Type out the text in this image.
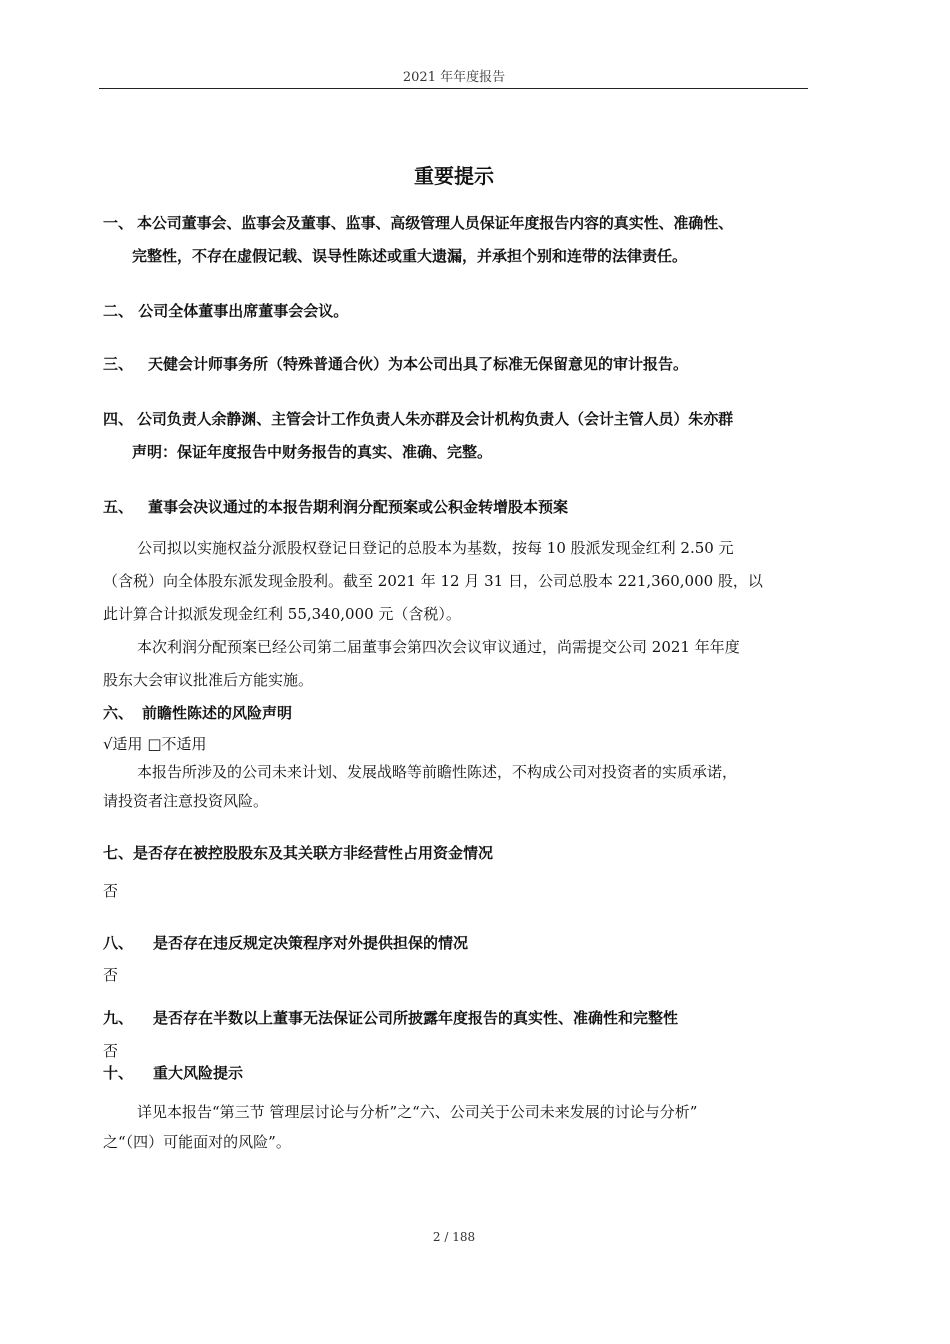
2021 年年度报告
重要提示
一、 本公司董事会、监事会及董事、监事、高级管理人员保证年度报告内容的真实性、准确性、
完整性，不存在虚假记载、误导性陈述或重大遗漏，并承担个别和连带的法律责任。
二、 公司全体董事出席董事会会议。
三、 天健会计师事务所（特殊普通合伙）为本公司出具了标准无保留意见的审计报告。
四、 公司负责人余静渊、主管会计工作负责人朱亦群及会计机构负责人（会计主管人员）朱亦群
声明：保证年度报告中财务报告的真实、准确、完整。
五、 董事会决议通过的本报告期利润分配预案或公积金转增股本预案
公司拟以实施权益分派股权登记日登记的总股本为基数，按每 10 股派发现金红利 2.50 元
（含税）向全体股东派发现金股利。截至 2021 年 12 月 31 日，公司总股本 221,360,000 股，以
此计算合计拟派发现金红利 55,340,000 元（含税）。
本次利润分配预案已经公司第二届董事会第四次会议审议通过，尚需提交公司 2021 年年度
股东大会审议批准后方能实施。
六、 前瞻性陈述的风险声明
√适用 □不适用
本报告所涉及的公司未来计划、发展战略等前瞻性陈述，不构成公司对投资者的实质承诺，
请投资者注意投资风险。
七、是否存在被控股股东及其关联方非经营性占用资金情况
否
八、 是否存在违反规定决策程序对外提供担保的情况
否
九、 是否存在半数以上董事无法保证公司所披露年度报告的真实性、准确性和完整性
否
十、 重大风险提示
详见本报告“第三节 管理层讨论与分析”之“六、公司关于公司未来发展的讨论与分析”
之“（四）可能面对的风险”。
2 / 188
